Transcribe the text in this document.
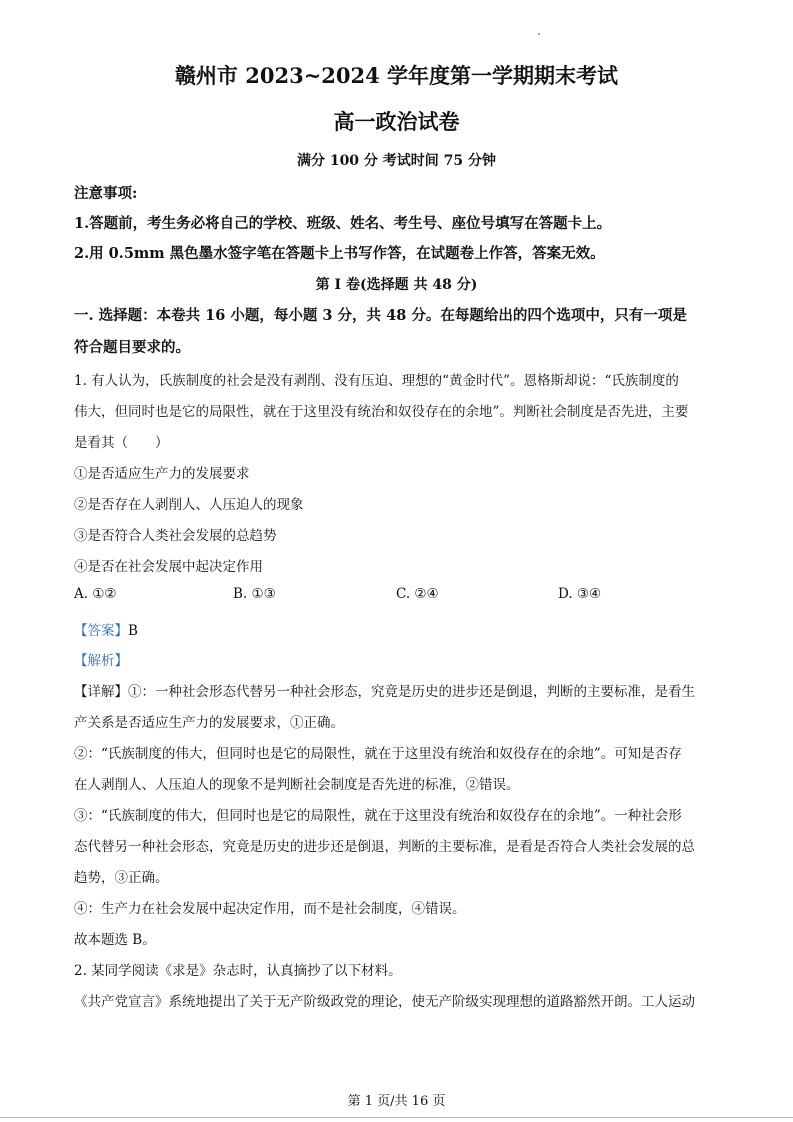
赣州市 2023~2024 学年度第一学期期末考试
高一政治试卷
满分 100 分 考试时间 75 分钟
注意事项:
1.答题前，考生务必将自己的学校、班级、姓名、考生号、座位号填写在答题卡上。
2.用 0.5mm 黑色墨水签字笔在答题卡上书写作答，在试题卷上作答，答案无效。
第 I 卷(选择题 共 48 分)
一. 选择题：本卷共 16 小题，每小题 3 分，共 48 分。在每题给出的四个选项中，只有一项是
符合题目要求的。
1. 有人认为，氏族制度的社会是没有剥削、没有压迫、理想的“黄金时代”。恩格斯却说：“氏族制度的
伟大，但同时也是它的局限性，就在于这里没有统治和奴役存在的余地”。判断社会制度是否先进，主要
是看其（　　）
①是否适应生产力的发展要求
②是否存在人剥削人、人压迫人的现象
③是否符合人类社会发展的总趋势
④是否在社会发展中起决定作用
A. ①②	B. ①③	C. ②④	D. ③④
【答案】B
【解析】
【详解】①：一种社会形态代替另一种社会形态，究竟是历史的进步还是倒退，判断的主要标准，是看生
产关系是否适应生产力的发展要求，①正确。
②：“氏族制度的伟大，但同时也是它的局限性，就在于这里没有统治和奴役存在的余地”。可知是否存
在人剥削人、人压迫人的现象不是判断社会制度是否先进的标准，②错误。
③：“氏族制度的伟大，但同时也是它的局限性，就在于这里没有统治和奴役存在的余地”。一种社会形
态代替另一种社会形态，究竟是历史的进步还是倒退，判断的主要标准，是看是否符合人类社会发展的总
趋势，③正确。
④：生产力在社会发展中起决定作用，而不是社会制度，④错误。
故本题选 B。
2. 某同学阅读《求是》杂志时，认真摘抄了以下材料。
《共产党宣言》系统地提出了关于无产阶级政党的理论，使无产阶级实现理想的道路豁然开朗。工人运动
第 1 页/共 16 页
